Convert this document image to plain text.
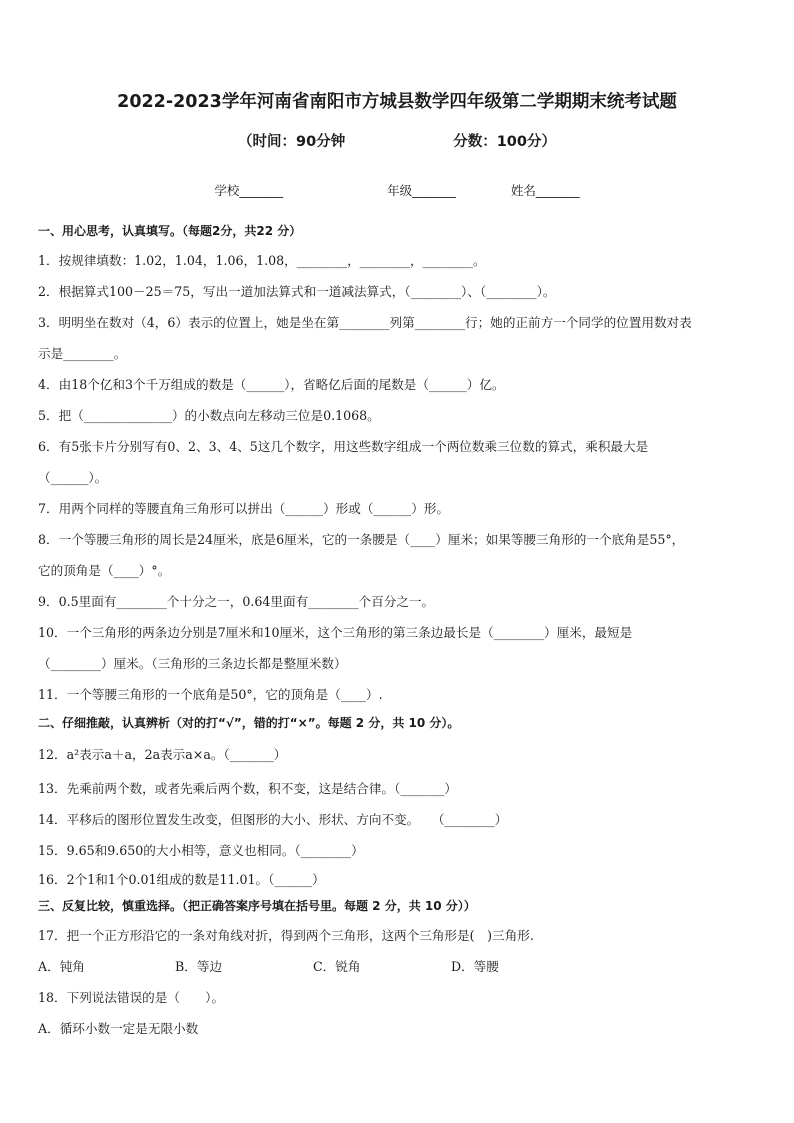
2022-2023学年河南省南阳市方城县数学四年级第二学期期末统考试题
（时间：90分钟	分数：100分）
学校_______	年级_______	姓名_______
一、用心思考，认真填写。（每题2分，共22 分）
1．按规律填数：1.02，1.04，1.06，1.08，________，________，________。
2．根据算式100－25＝75，写出一道加法算式和一道减法算式，（________）、（________）。
3．明明坐在数对（4，6）表示的位置上，她是坐在第________列第________行；她的正前方一个同学的位置用数对表
示是________。
4．由18个亿和3个千万组成的数是（______），省略亿后面的尾数是（______）亿。
5．把（______________）的小数点向左移动三位是0.1068。
6．有5张卡片分别写有0、2、3、4、5这几个数字，用这些数字组成一个两位数乘三位数的算式，乘积最大是
（______）。
7．用两个同样的等腰直角三角形可以拼出（______）形或（______）形。
8．一个等腰三角形的周长是24厘米，底是6厘米，它的一条腰是（____）厘米；如果等腰三角形的一个底角是55°，
它的顶角是（____）°。
9．0.5里面有________个十分之一，0.64里面有________个百分之一。
10．一个三角形的两条边分别是7厘米和10厘米，这个三角形的第三条边最长是（________）厘米，最短是
（________）厘米。（三角形的三条边长都是整厘米数）
11．一个等腰三角形的一个底角是50°，它的顶角是（____）.
二、仔细推敲，认真辨析（对的打“√”，错的打“×”。每题 2 分，共 10 分）。
12．a²表示a＋a，2a表示a×a。（_______）
13．先乘前两个数，或者先乘后两个数，积不变，这是结合律。（_______）
14．平移后的图形位置发生改变，但图形的大小、形状、方向不变。　　（________）
15．9.65和9.650的大小相等，意义也相同。（________）
16．2个1和1个0.01组成的数是11.01。（______）
三、反复比较，慎重选择。（把正确答案序号填在括号里。每题 2 分，共 10 分））
17．把一个正方形沿它的一条对角线对折，得到两个三角形，这两个三角形是(　)三角形.
A．钝角	B．等边	C．锐角	D．等腰
18．下列说法错误的是（　　）。
A．循环小数一定是无限小数
